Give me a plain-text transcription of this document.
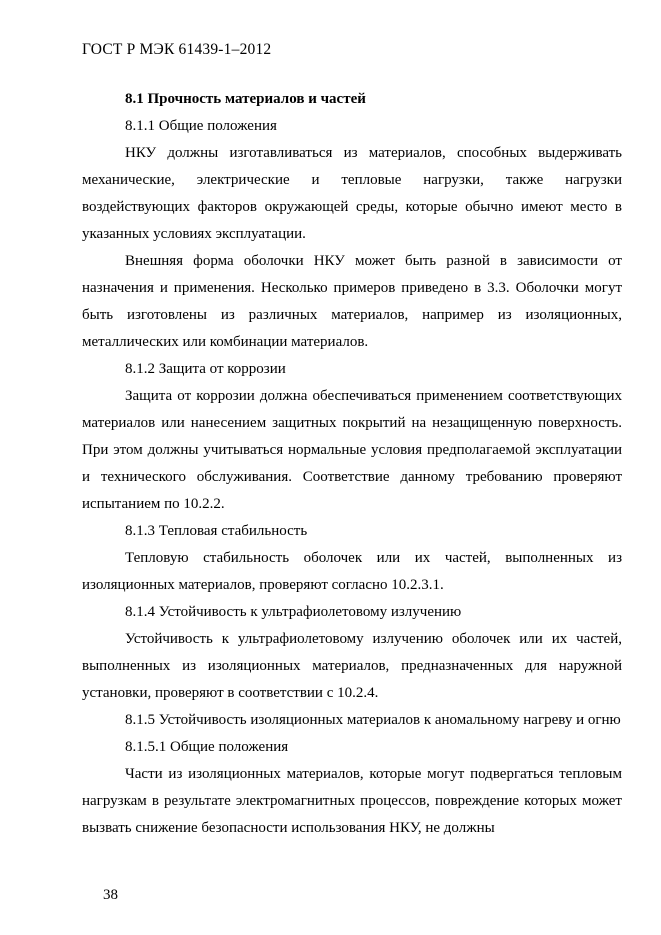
ГОСТ Р МЭК 61439-1–2012

8.1 Прочность материалов и частей

8.1.1 Общие положения

НКУ должны изготавливаться из материалов, способных выдерживать механические, электрические и тепловые нагрузки, также нагрузки воздействующих факторов окружающей среды, которые обычно имеют место в указанных условиях эксплуатации.

Внешняя форма оболочки НКУ может быть разной в зависимости от назначения и применения. Несколько примеров приведено в 3.3. Оболочки могут быть изготовлены из различных материалов, например из изоляционных, металлических или комбинации материалов.

8.1.2 Защита от коррозии

Защита от коррозии должна обеспечиваться применением соответствующих материалов или нанесением защитных покрытий на незащищенную поверхность. При этом должны учитываться нормальные условия предполагаемой эксплуатации и технического обслуживания. Соответствие данному требованию проверяют испытанием по 10.2.2.

8.1.3 Тепловая стабильность

Тепловую стабильность оболочек или их частей, выполненных из изоляционных материалов, проверяют согласно 10.2.3.1.

8.1.4 Устойчивость к ультрафиолетовому излучению

Устойчивость к ультрафиолетовому излучению оболочек или их частей, выполненных из изоляционных материалов, предназначенных для наружной установки, проверяют в соответствии с 10.2.4.

8.1.5 Устойчивость изоляционных материалов к аномальному нагреву и огню

8.1.5.1 Общие положения

Части из изоляционных материалов, которые могут подвергаться тепловым нагрузкам в результате электромагнитных процессов, повреждение которых может вызвать снижение безопасности использования НКУ, не должны

38
